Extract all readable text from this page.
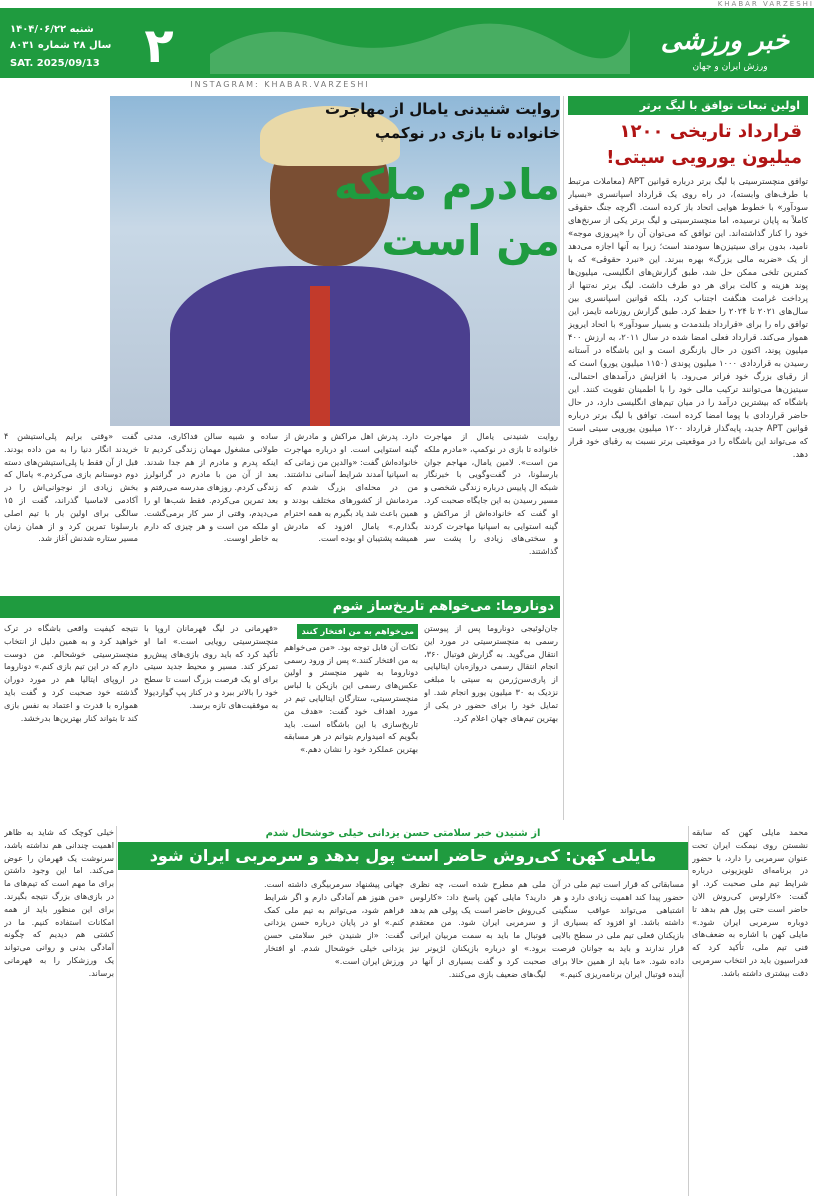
KHABAR VARZESHI
خبر ورزشی
ورزش ایران و جهان
۲
شنبه ۱۴۰۴/۰۶/۲۲
سال ۲۸ شماره ۸۰۳۱
SAT. 2025/09/13
INSTAGRAM: KHABAR.VARZESHI
اولین تبعات توافق با لیگ برتر
قرارداد تاریخی ۱۲۰۰ میلیون یورویی سیتی!
توافق منچسترسیتی با لیگ برتر درباره قوانین APT (معاملات مرتبط با طرف‌های وابسته)، در راه روی یک قرارداد اسپانسری «بسیار سودآور» با خطوط هوایی اتحاد باز کرده است. اگرچه جنگ حقوقی کاملاً به پایان نرسیده، اما منچسترسیتی و لیگ برتر یکی از سرنخ‌های خود را کنار گذاشته‌اند. این توافق که می‌توان آن را «پیروزی موجه» نامید، بدون برای سیتیزن‌ها سودمند است؛ زیرا به آنها اجازه می‌دهد از یک «ضربه مالی بزرگ» بهره ببرند. این «نبرد حقوقی» که با کمترین تلخی ممکن حل شد، طبق گزارش‌های انگلیسی، میلیون‌ها پوند هزینه و کالت برای هر دو طرف داشت. لیگ برتر نه‌تنها از پرداخت غرامت هنگفت اجتناب کرد، بلکه قوانین اسپانسری بین سال‌های ۲۰۲۱ تا ۲۰۲۴ را حفظ کرد. طبق گزارش روزنامه تایمز، این توافق راه را برای «قرارداد بلندمدت و بسیار سودآور» با اتحاد ایرویز هموار می‌کند. قرارداد فعلی امضا شده در سال ۲۰۱۱، به ارزش ۴۰۰ میلیون پوند، اکنون در حال بازنگری است و این باشگاه در آستانه رسیدن به قراردادی ۱۰۰۰ میلیون پوندی (۱۱۵۰ میلیون یورو) است که از رقبای بزرگ خود فراتر می‌رود. با افزایش درآمدهای احتمالی، سیتیزن‌ها می‌توانند ترکیب مالی خود را با اطمینان تقویت کنند. این باشگاه که بیشترین درآمد را در میان تیم‌های انگلیسی دارد، در حال حاضر قراردادی با پوما امضا کرده است. توافق با لیگ برتر درباره قوانین APT جدید، پایه‌گذار قرارداد ۱۲۰۰ میلیون یورویی سیتی است که می‌تواند این باشگاه را در موقعیتی برتر نسبت به رقبای خود قرار دهد.
روایت شنیدنی یامال از مهاجرت
خانواده تا بازی در نوکمپ
مادرم ملکه
من است
روایت شنیدنی یامال از مهاجرت خانواده تا بازی در نوکمپ، «مادرم ملکه من است». لامین یامال، مهاجم جوان بارسلونا، در گفت‌وگویی با خبرنگار شبکه ال پاییس درباره زندگی شخصی و مسیر رسیدن به این جایگاه صحبت کرد. او گفت که خانواده‌اش از مراکش و گینه استوایی به اسپانیا مهاجرت کردند و سختی‌های زیادی را پشت سر گذاشتند.
دارد. پدرش اهل مراکش و مادرش از گینه استوایی است. او درباره مهاجرت خانواده‌اش گفت: «والدین من زمانی که به اسپانیا آمدند شرایط آسانی نداشتند. من در محله‌ای بزرگ شدم که مردمانش از کشورهای مختلف بودند و همین باعث شد یاد بگیرم به همه احترام بگذارم.» یامال افزود که مادرش همیشه پشتیبان او بوده است.
ساده و شبیه سالن فداکاری، مدتی طولانی مشغول مهمان زندگی کردیم تا اینکه پدرم و مادرم از هم جدا شدند. بعد از آن من با مادرم در گرانولرز زندگی کردم. روزهای مدرسه می‌رفتم و بعد تمرین می‌کردم. فقط شب‌ها او را می‌دیدم، وقتی از سر کار برمی‌گشت. او ملکه من است و هر چیزی که دارم به خاطر اوست.
گفت «وقتی برایم پلی‌استیشن ۴ خریدند انگار دنیا را به من داده بودند. قبل از آن فقط با پلی‌استیشن‌های دسته دوم دوستانم بازی می‌کردم.» یامال که بخش زیادی از نوجوانی‌اش را در آکادمی لاماسیا گذراند، گفت از ۱۵ سالگی برای اولین بار با تیم اصلی بارسلونا تمرین کرد و از همان زمان مسیر ستاره شدنش آغاز شد.
دوناروما: می‌خواهم تاریخ‌ساز شوم
جان‌لوئیجی دوناروما پس از پیوستن رسمی به منچسترسیتی در مورد این انتقال می‌گوید. به گزارش فوتبال ۳۶۰، انجام انتقال رسمی دروازه‌بان ایتالیایی از پاری‌سن‌ژرمن به سیتی با مبلغی نزدیک به ۳۰ میلیون یورو انجام شد. او تمایل خود را برای حضور در یکی از بهترین تیم‌های جهان اعلام کرد.
می‌خواهم به من افتخار کنند
نکات آن قابل توجه بود. «من می‌خواهم به من افتخار کنند.» پس از ورود رسمی دوناروما به شهر منچستر و اولین عکس‌های رسمی این بازیکن با لباس منچسترسیتی، ستارگان ایتالیایی تیم در مورد اهداف خود گفت: «هدف من تاریخ‌سازی با این باشگاه است. باید بگویم که امیدوارم بتوانم در هر مسابقه بهترین عملکرد خود را نشان دهم.»
«قهرمانی در لیگ قهرمانان اروپا با منچسترسیتی رویایی است.» اما او تأکید کرد که باید روی بازی‌های پیش‌رو تمرکز کند. مسیر و محیط جدید سیتی برای او یک فرصت بزرگ است تا سطح خود را بالاتر ببرد و در کنار پپ گواردیولا به موفقیت‌های تازه برسد.
نتیجه کیفیت واقعی باشگاه در ترک خواهید کرد و به همین دلیل از انتخاب منچسترسیتی خوشحالم. من دوست دارم که در این تیم بازی کنم.» دوناروما در اروپای ایتالیا هم در مورد دوران گذشته خود صحبت کرد و گفت باید همواره با قدرت و اعتماد به نفس بازی کند تا بتواند کنار بهترین‌ها بدرخشد.
از شنیدن خبر سلامتی حسن یزدانی خیلی خوشحال شدم
مایلی کهن: کی‌روش حاضر است پول بدهد و سرمربی ایران شود
محمد مایلی کهن که سابقه نشستن روی نیمکت ایران تحت عنوان سرمربی را دارد، با حضور در برنامه‌ای تلویزیونی درباره شرایط تیم ملی صحبت کرد. او گفت: «کارلوس کی‌روش الان حاضر است حتی پول هم بدهد تا دوباره سرمربی ایران شود.» مایلی کهن با اشاره به ضعف‌های فنی تیم ملی، تأکید کرد که فدراسیون باید در انتخاب سرمربی دقت بیشتری داشته باشد.
مسابقاتی که قرار است تیم ملی در آن حضور پیدا کند اهمیت زیادی دارد و هر اشتباهی می‌تواند عواقب سنگینی داشته باشد. او افزود که بسیاری از بازیکنان فعلی تیم ملی در سطح بالایی قرار ندارند و باید به جوانان فرصت داده شود. «ما باید از همین حالا برای آینده فوتبال ایران برنامه‌ریزی کنیم.»
ملی هم مطرح شده است، چه نظری دارید؟ مایلی کهن پاسخ داد: «کارلوس کی‌روش حاضر است یک پولی هم بدهد و سرمربی ایران شود. من معتقدم فوتبال ما باید به سمت مربیان ایرانی برود.» او درباره بازیکنان لژیونر نیز صحبت کرد و گفت بسیاری از آنها در لیگ‌های ضعیف بازی می‌کنند.
جهانی پیشنهاد سرمربیگری داشته است. «من هنوز هم آمادگی دارم و اگر شرایط فراهم شود، می‌توانم به تیم ملی کمک کنم.» او در پایان درباره حسن یزدانی گفت: «از شنیدن خبر سلامتی حسن یزدانی خیلی خوشحال شدم. او افتخار ورزش ایران است.»
خیلی کوچک که شاید به ظاهر اهمیت چندانی هم نداشته باشد، سرنوشت یک قهرمان را عوض می‌کند. اما این وجود داشتن برای ما مهم است که تیم‌های ما در بازی‌های بزرگ نتیجه بگیرند. برای این منظور باید از همه امکانات استفاده کنیم. ما در کشتی هم دیدیم که چگونه آمادگی بدنی و روانی می‌تواند یک ورزشکار را به قهرمانی برساند.
